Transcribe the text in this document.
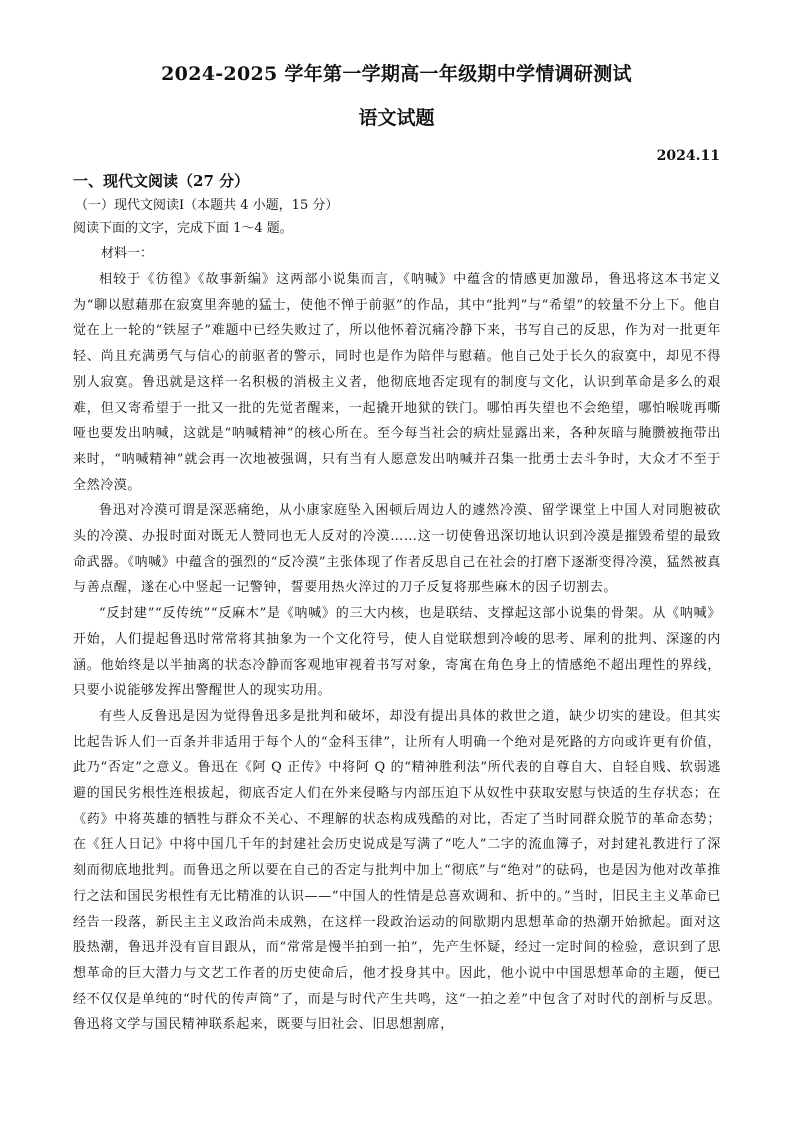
2024-2025 学年第一学期高一年级期中学情调研测试
语文试题
2024.11
一、现代文阅读（27 分）
（一）现代文阅读Ⅰ（本题共 4 小题，15 分）
阅读下面的文字，完成下面 1～4 题。
材料一：

相较于《彷徨》《故事新编》这两部小说集而言，《呐喊》中蕴含的情感更加激昂，鲁迅将这本书定义为“聊以慰藉那在寂寞里奔驰的猛士，使他不惮于前驱”的作品，其中“批判”与“希望”的较量不分上下。他自觉在上一轮的“铁屋子”难题中已经失败过了，所以他怀着沉痛冷静下来，书写自己的反思，作为对一批更年轻、尚且充满勇气与信心的前驱者的警示，同时也是作为陪伴与慰藉。他自己处于长久的寂寞中，却见不得别人寂寞。鲁迅就是这样一名积极的消极主义者，他彻底地否定现有的制度与文化，认识到革命是多么的艰难，但又寄希望于一批又一批的先觉者醒来，一起撬开地狱的铁门。哪怕再失望也不会绝望，哪怕喉咙再嘶哑也要发出呐喊，这就是“呐喊精神”的核心所在。至今每当社会的病灶显露出来，各种灰暗与腌臜被拖带出来时，“呐喊精神”就会再一次地被强调，只有当有人愿意发出呐喊并召集一批勇士去斗争时，大众才不至于全然冷漠。

鲁迅对冷漠可谓是深恶痛绝，从小康家庭坠入困顿后周边人的遽然冷漠、留学课堂上中国人对同胞被砍头的冷漠、办报时面对既无人赞同也无人反对的冷漠……这一切使鲁迅深切地认识到冷漠是摧毁希望的最致命武器。《呐喊》中蕴含的强烈的“反冷漠”主张体现了作者反思自己在社会的打磨下逐渐变得冷漠，猛然被真与善点醒，遂在心中竖起一记警钟，誓要用热火淬过的刀子反复将那些麻木的因子切割去。

“反封建”“反传统”“反麻木”是《呐喊》的三大内核，也是联结、支撑起这部小说集的骨架。从《呐喊》开始，人们提起鲁迅时常常将其抽象为一个文化符号，使人自觉联想到冷峻的思考、犀利的批判、深邃的内涵。他始终是以半抽离的状态冷静而客观地审视着书写对象，寄寓在角色身上的情感绝不超出理性的界线，只要小说能够发挥出警醒世人的现实功用。

有些人反鲁迅是因为觉得鲁迅多是批判和破坏，却没有提出具体的救世之道，缺少切实的建设。但其实比起告诉人们一百条并非适用于每个人的“金科玉律”，让所有人明确一个绝对是死路的方向或许更有价值，此乃“否定”之意义。鲁迅在《阿 Q 正传》中将阿 Q 的“精神胜利法”所代表的自尊自大、自轻自贱、软弱逃避的国民劣根性连根拔起，彻底否定人们在外来侵略与内部压迫下从奴性中获取安慰与快适的生存状态；在《药》中将英雄的牺牲与群众不关心、不理解的状态构成残酷的对比，否定了当时同群众脱节的革命态势；在《狂人日记》中将中国几千年的封建社会历史说成是写满了“吃人”二字的流血簿子，对封建礼教进行了深刻而彻底地批判。而鲁迅之所以要在自己的否定与批判中加上“彻底”与“绝对”的砝码，也是因为他对改革推行之法和国民劣根性有无比精准的认识——“中国人的性情是总喜欢调和、折中的。”当时，旧民主主义革命已经告一段落，新民主主义政治尚未成熟，在这样一段政治运动的间歇期内思想革命的热潮开始掀起。面对这股热潮，鲁迅并没有盲目跟从，而“常常是慢半拍到一拍”，先产生怀疑，经过一定时间的检验，意识到了思想革命的巨大潜力与文艺工作者的历史使命后，他才投身其中。因此，他小说中中国思想革命的主题，便已经不仅仅是单纯的“时代的传声筒”了，而是与时代产生共鸣，这“一拍之差”中包含了对时代的剖析与反思。鲁迅将文学与国民精神联系起来，既要与旧社会、旧思想割席，
